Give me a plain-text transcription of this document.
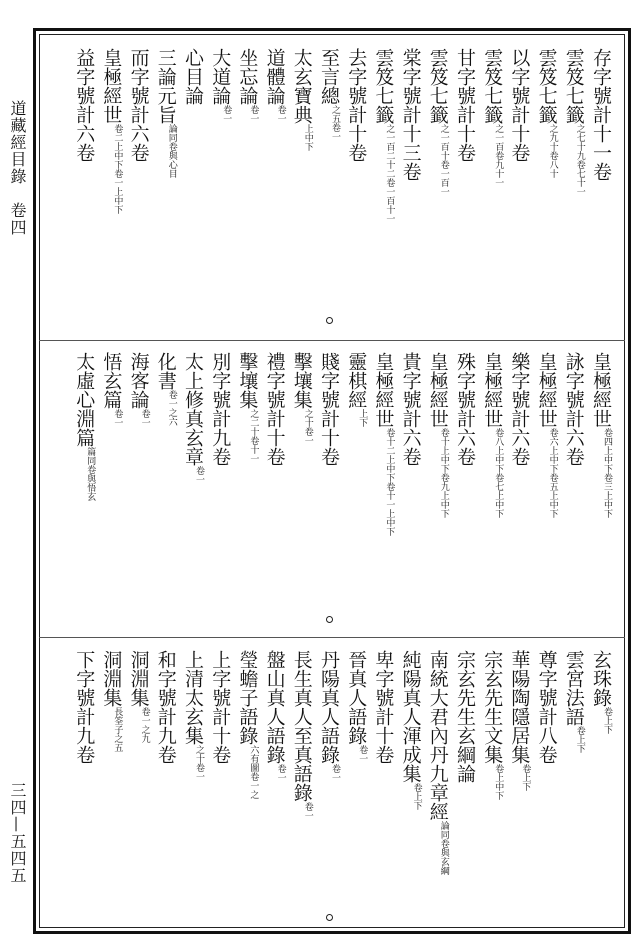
道藏經目錄　卷四
三四—五四五
存字號計十一卷
雲笈七籤
卷七十一
之七十九
雲笈七籤
卷八十
之九十
以字號計十卷
雲笈七籤
卷九十一
之一百
甘字號計十卷
雲笈七籤
卷一百一
之一百十
棠字號計十三卷
雲笈七籤
卷一百十一
之一百二十二
去字號計十卷
至言總
卷一
之五
太玄寶典
上中下
道體論
卷一
坐忘論
卷一
大道論
卷一
心目論
三論元旨
與心目
論同卷
而字號計六卷
皇極經世
卷一上中下
卷二上中下
益字號計六卷
皇極經世
卷三上中下
卷四上中下
詠字號計六卷
皇極經世
卷五上中下
卷六上中下
樂字號計六卷
皇極經世
卷七上中下
卷八上中下
殊字號計六卷
皇極經世
卷九上中下
卷十上中下
貴字號計六卷
皇極經世
卷十一上中下
卷十二上中下
靈棋經
上下
賤字號計十卷
擊壤集
卷一
之十
禮字號計十卷
擊壤集
卷十一
之二十
別字號計九卷
太上修真玄章
卷一
化書
卷一之六
海客論
卷一
悟玄篇
卷一
太虛心淵篇
與悟玄
篇同卷
玄珠錄
卷上下
雲宮法語
卷上下
尊字號計八卷
華陽陶隱居集
卷上下
宗玄先生文集
卷上中下
宗玄先生玄綱論
南統大君內丹九章經
與玄綱
論同卷
純陽真人渾成集
卷上下
卑字號計十卷
晉真人語錄
卷一
丹陽真人語錄
卷一
長生真人至真語錄
卷一
盤山真人語錄
卷一
瑩蟾子語錄
卷一之
六有圖
上字號計十卷
上清太玄集
卷一
之十
和字號計九卷
洞淵集
卷一之九
洞淵集
長筌子之五
下字號計九卷
